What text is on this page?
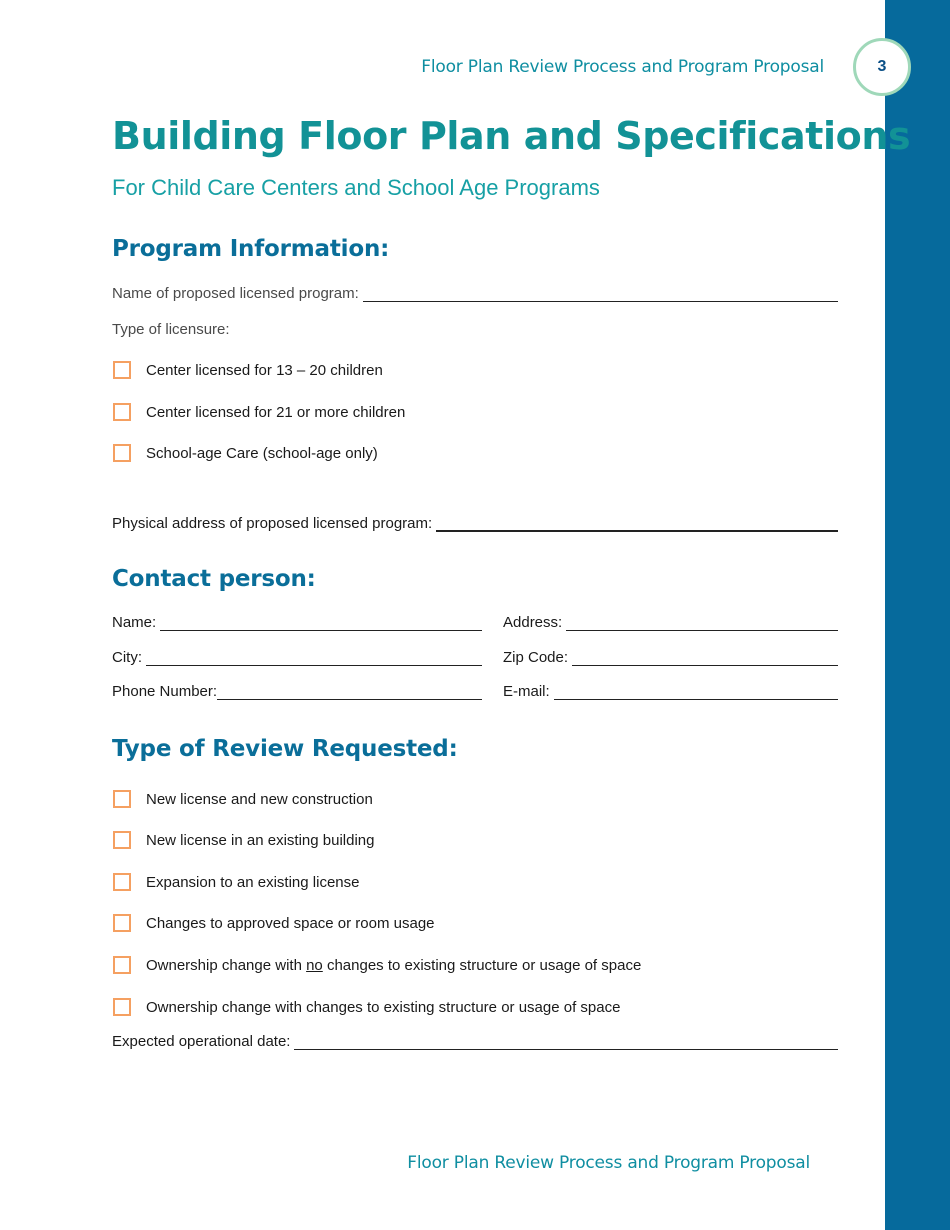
3
Floor Plan Review Process and Program Proposal
Building Floor Plan and Specifications

For Child Care Centers and School Age Programs

Program Information:
Name of proposed licensed program:
Type of licensure:
Center licensed for 13 – 20 children
Center licensed for 21 or more children
School-age Care (school-age only)
Physical address of proposed licensed program:
Contact person:
Name:	Address:
City:	Zip Code:
Phone Number:	E-mail:
Type of Review Requested:
New license and new construction
New license in an existing building
Expansion to an existing license
Changes to approved space or room usage
Ownership change with no changes to existing structure or usage of space
Ownership change with changes to existing structure or usage of space
Expected operational date:
Floor Plan Review Process and Program Proposal
